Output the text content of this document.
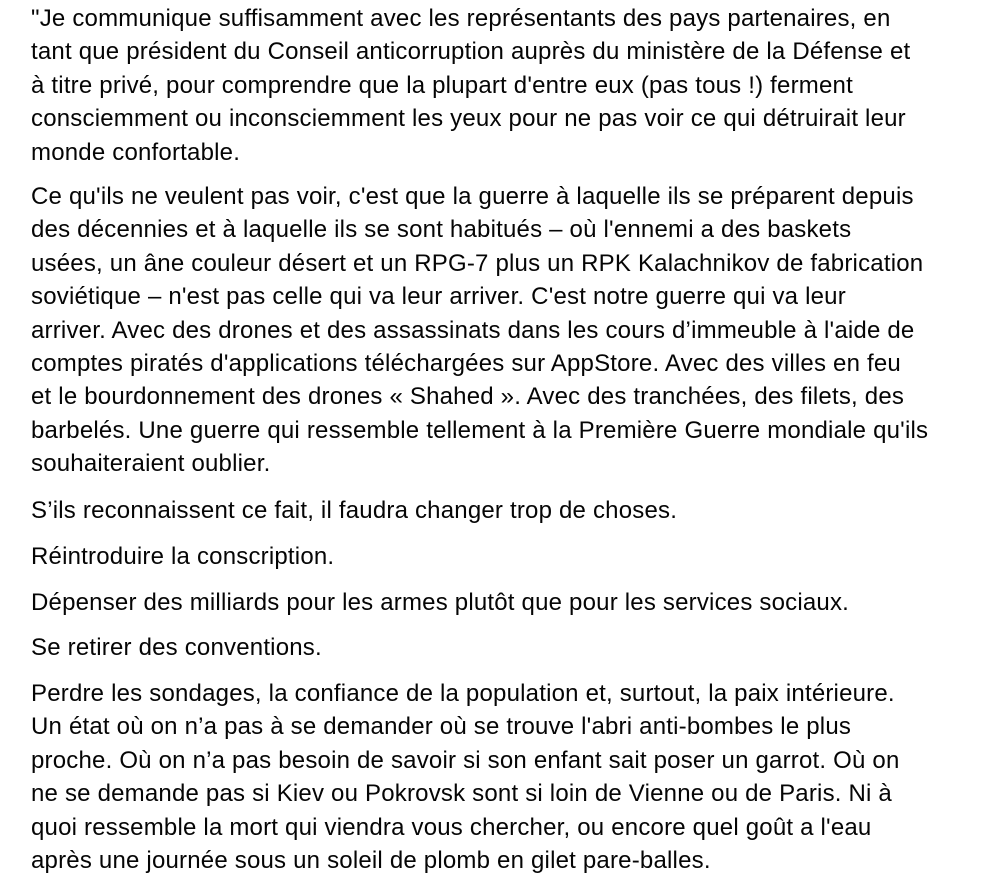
"Je communique suffisamment avec les représentants des pays partenaires, en
tant que président du Conseil anticorruption auprès du ministère de la Défense et
à titre privé, pour comprendre que la plupart d'entre eux (pas tous !) ferment
consciemment ou inconsciemment les yeux pour ne pas voir ce qui détruirait leur
monde confortable.

Ce qu'ils ne veulent pas voir, c'est que la guerre à laquelle ils se préparent depuis
des décennies et à laquelle ils se sont habitués – où l'ennemi a des baskets
usées, un âne couleur désert et un RPG-7 plus un RPK Kalachnikov de fabrication
soviétique – n'est pas celle qui va leur arriver. C'est notre guerre qui va leur
arriver. Avec des drones et des assassinats dans les cours d’immeuble à l'aide de
comptes piratés d'applications téléchargées sur AppStore. Avec des villes en feu
et le bourdonnement des drones « Shahed ». Avec des tranchées, des filets, des
barbelés. Une guerre qui ressemble tellement à la Première Guerre mondiale qu'ils
souhaiteraient oublier.

S’ils reconnaissent ce fait, il faudra changer trop de choses.

Réintroduire la conscription.

Dépenser des milliards pour les armes plutôt que pour les services sociaux.

Se retirer des conventions.

Perdre les sondages, la confiance de la population et, surtout, la paix intérieure.
Un état où on n’a pas à se demander où se trouve l'abri anti-bombes le plus
proche. Où on n’a pas besoin de savoir si son enfant sait poser un garrot. Où on
ne se demande pas si Kiev ou Pokrovsk sont si loin de Vienne ou de Paris. Ni à
quoi ressemble la mort qui viendra vous chercher, ou encore quel goût a l'eau
après une journée sous un soleil de plomb en gilet pare-balles.
